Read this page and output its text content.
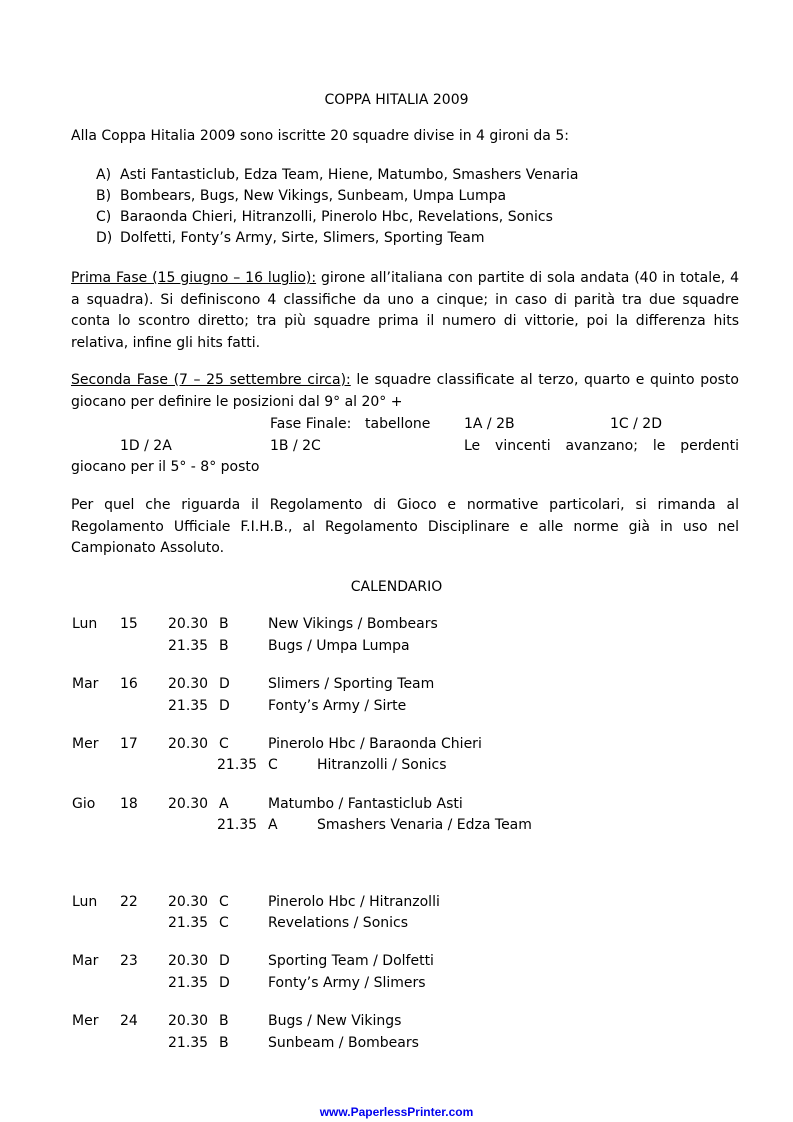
COPPA HITALIA 2009
Alla Coppa Hitalia 2009 sono iscritte 20 squadre divise in 4 gironi da 5:
A) Asti Fantasticlub, Edza Team, Hiene, Matumbo, Smashers Venaria
B) Bombears, Bugs, New Vikings, Sunbeam, Umpa Lumpa
C) Baraonda Chieri, Hitranzolli, Pinerolo Hbc, Revelations, Sonics
D) Dolfetti, Fonty’s Army, Sirte, Slimers, Sporting Team
Prima Fase (15 giugno – 16 luglio): girone all’italiana con partite di sola andata (40 in totale, 4 a squadra). Si definiscono 4 classifiche da uno a cinque; in caso di parità tra due squadre conta lo scontro diretto; tra più squadre prima il numero di vittorie, poi la differenza hits relativa, infine gli hits fatti.
Seconda Fase (7 – 25 settembre circa): le squadre classificate al terzo, quarto e quinto posto giocano per definire le posizioni dal 9° al 20° +
Fase Finale: tabellone 1A / 2B	1C / 2D
1D / 2A	1B / 2C	Le vincenti avanzano; le perdenti
giocano per il 5° - 8° posto
Per quel che riguarda il Regolamento di Gioco e normative particolari, si rimanda al Regolamento Ufficiale F.I.H.B., al Regolamento Disciplinare e alle norme già in uso nel Campionato Assoluto.
CALENDARIO
Lun 15 20.30 B	New Vikings / Bombears
21.35 B	Bugs / Umpa Lumpa
Mar 16 20.30 D	Slimers / Sporting Team
21.35 D	Fonty’s Army / Sirte
Mer 17 20.30 C	Pinerolo Hbc / Baraonda Chieri
21.35 C	Hitranzolli / Sonics
Gio 18 20.30 A	Matumbo / Fantasticlub Asti
21.35 A	Smashers Venaria / Edza Team
Lun 22 20.30 C	Pinerolo Hbc / Hitranzolli
21.35 C	Revelations / Sonics
Mar 23 20.30 D	Sporting Team / Dolfetti
21.35 D	Fonty’s Army / Slimers
Mer 24 20.30 B	Bugs / New Vikings
21.35 B	Sunbeam / Bombears
www.PaperlessPrinter.com
